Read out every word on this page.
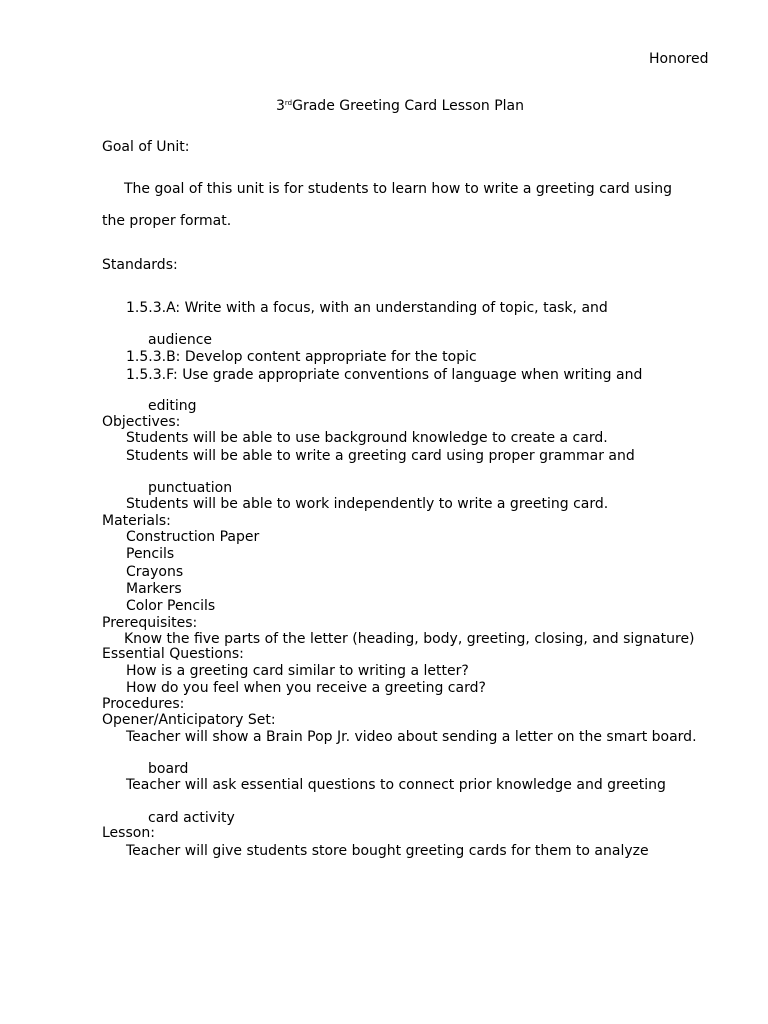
Honored
3rdGrade Greeting Card Lesson Plan
Goal of Unit:
The goal of this unit is for students to learn how to write a greeting card using
the proper format.
Standards:
1.5.3.A: Write with a focus, with an understanding of topic, task, and
audience
1.5.3.B: Develop content appropriate for the topic
1.5.3.F: Use grade appropriate conventions of language when writing and
editing
Objectives:
Students will be able to use background knowledge to create a card.
Students will be able to write a greeting card using proper grammar and
punctuation
Students will be able to work independently to write a greeting card.
Materials:
Construction Paper
Pencils
Crayons
Markers
Color Pencils
Prerequisites:
Know the five parts of the letter (heading, body, greeting, closing, and signature)
Essential Questions:
How is a greeting card similar to writing a letter?
How do you feel when you receive a greeting card?
Procedures:
Opener/Anticipatory Set:
Teacher will show a Brain Pop Jr. video about sending a letter on the smart board.
board
Teacher will ask essential questions to connect prior knowledge and greeting
card activity
Lesson:
Teacher will give students store bought greeting cards for them to analyze
